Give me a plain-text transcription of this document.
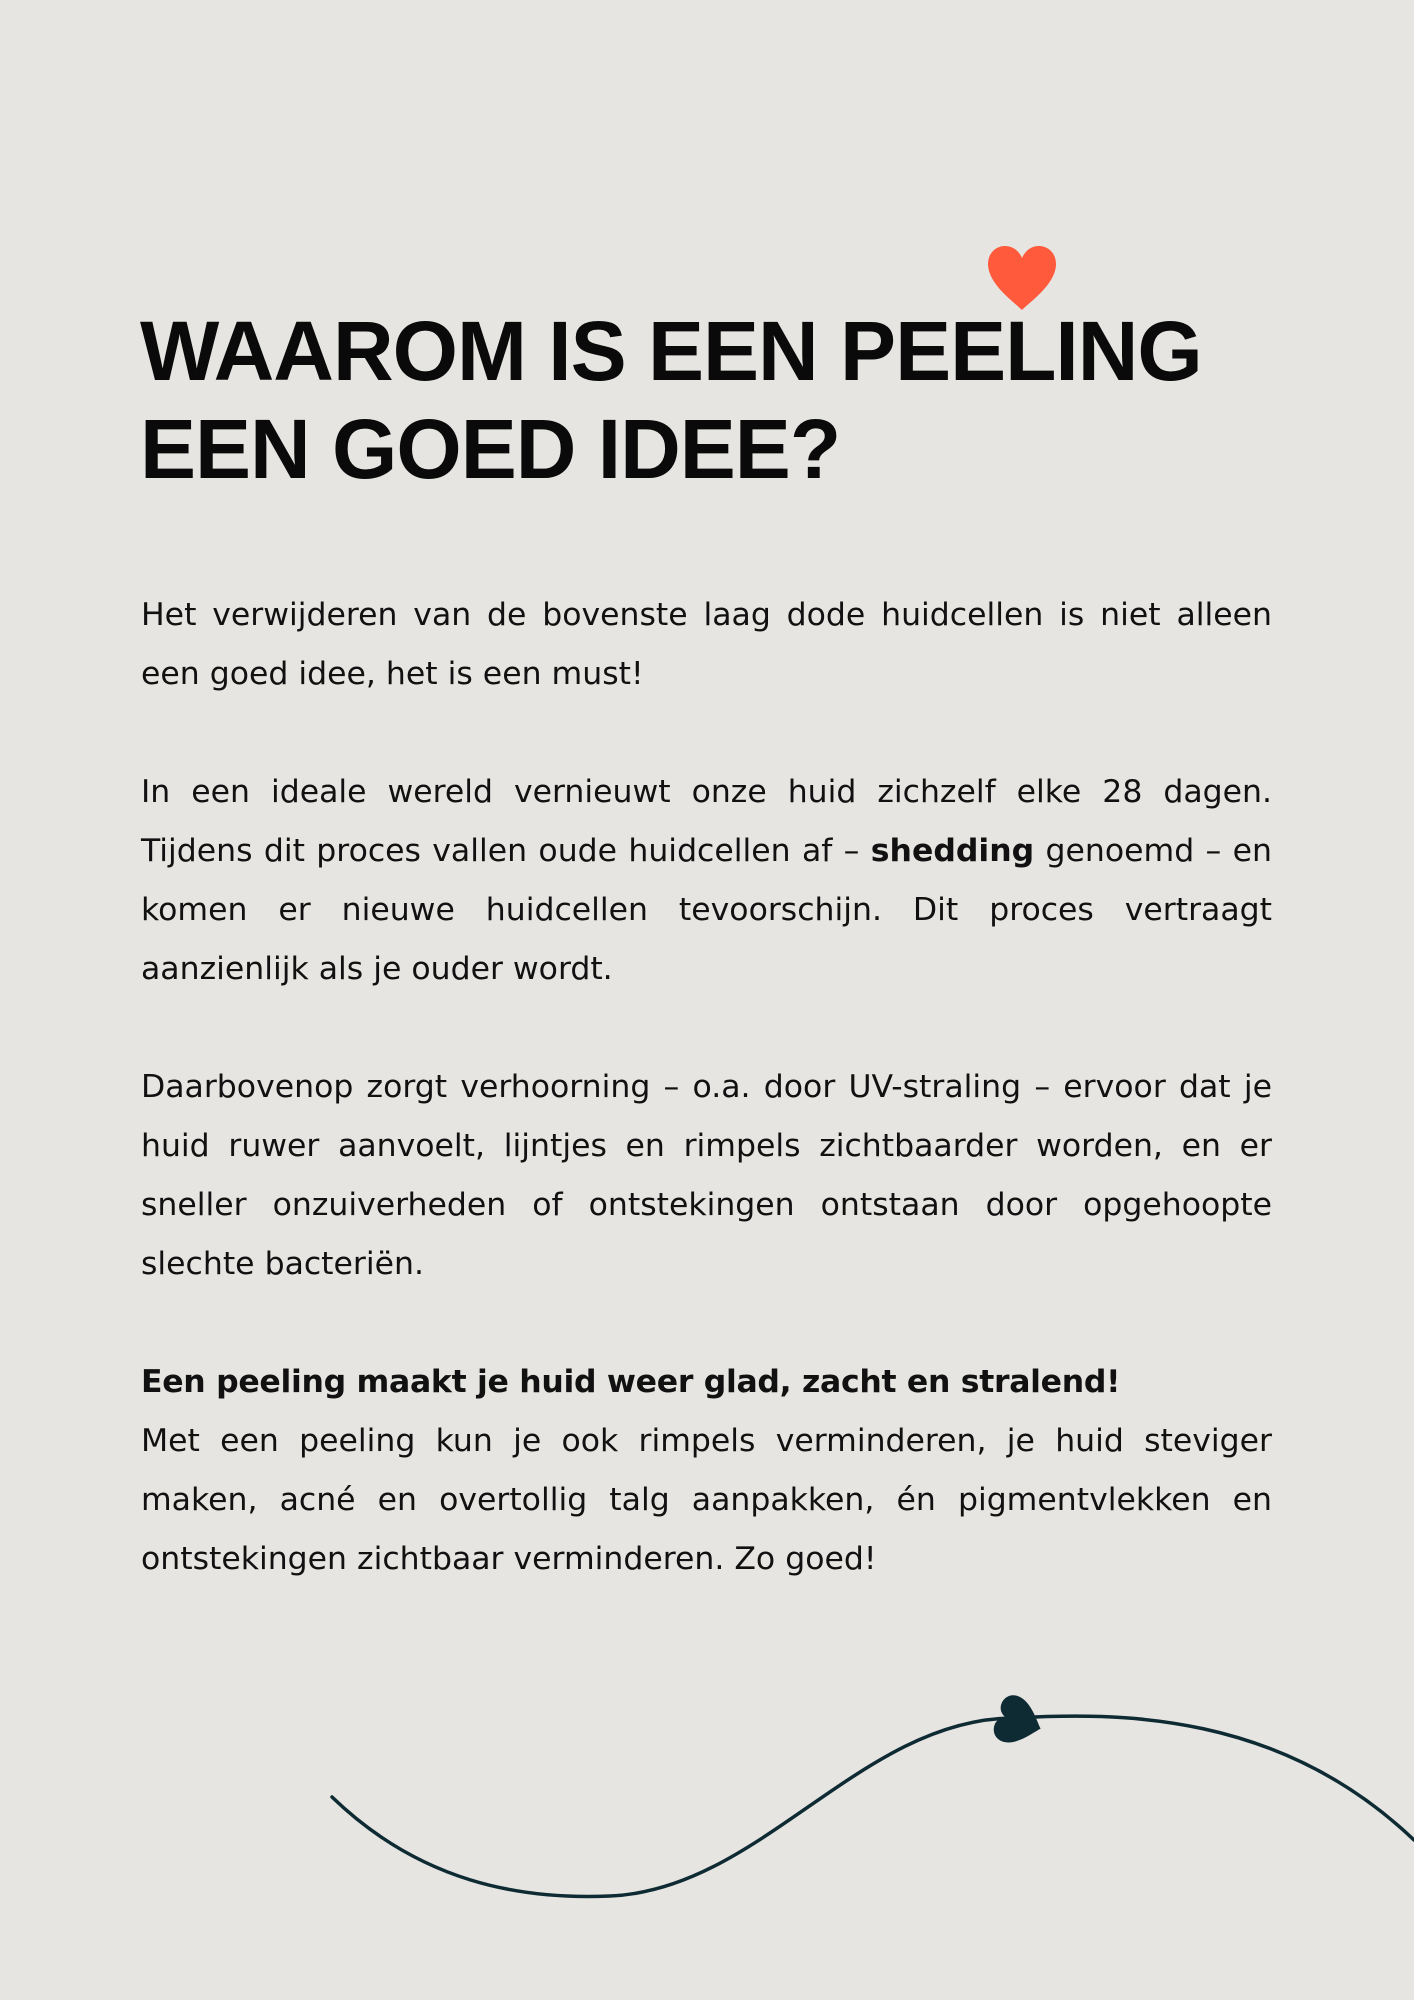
WAAROM IS EEN PEELING
EEN GOED IDEE?

Het verwijderen van de bovenste laag dode huidcellen is niet alleen een goed idee, het is een must!

In een ideale wereld vernieuwt onze huid zichzelf elke 28 dagen. Tijdens dit proces vallen oude huidcellen af – shedding genoemd – en komen er nieuwe huidcellen tevoorschijn. Dit proces vertraagt aanzienlijk als je ouder wordt.

Daarbovenop zorgt verhoorning – o.a. door UV-straling – ervoor dat je huid ruwer aanvoelt, lijntjes en rimpels zichtbaarder worden, en er sneller onzuiverheden of ontstekingen ontstaan door opgehoopte slechte bacteriën.

Een peeling maakt je huid weer glad, zacht en stralend!
Met een peeling kun je ook rimpels verminderen, je huid steviger maken, acné en overtollig talg aanpakken, én pigmentvlekken en ontstekingen zichtbaar verminderen. Zo goed!
